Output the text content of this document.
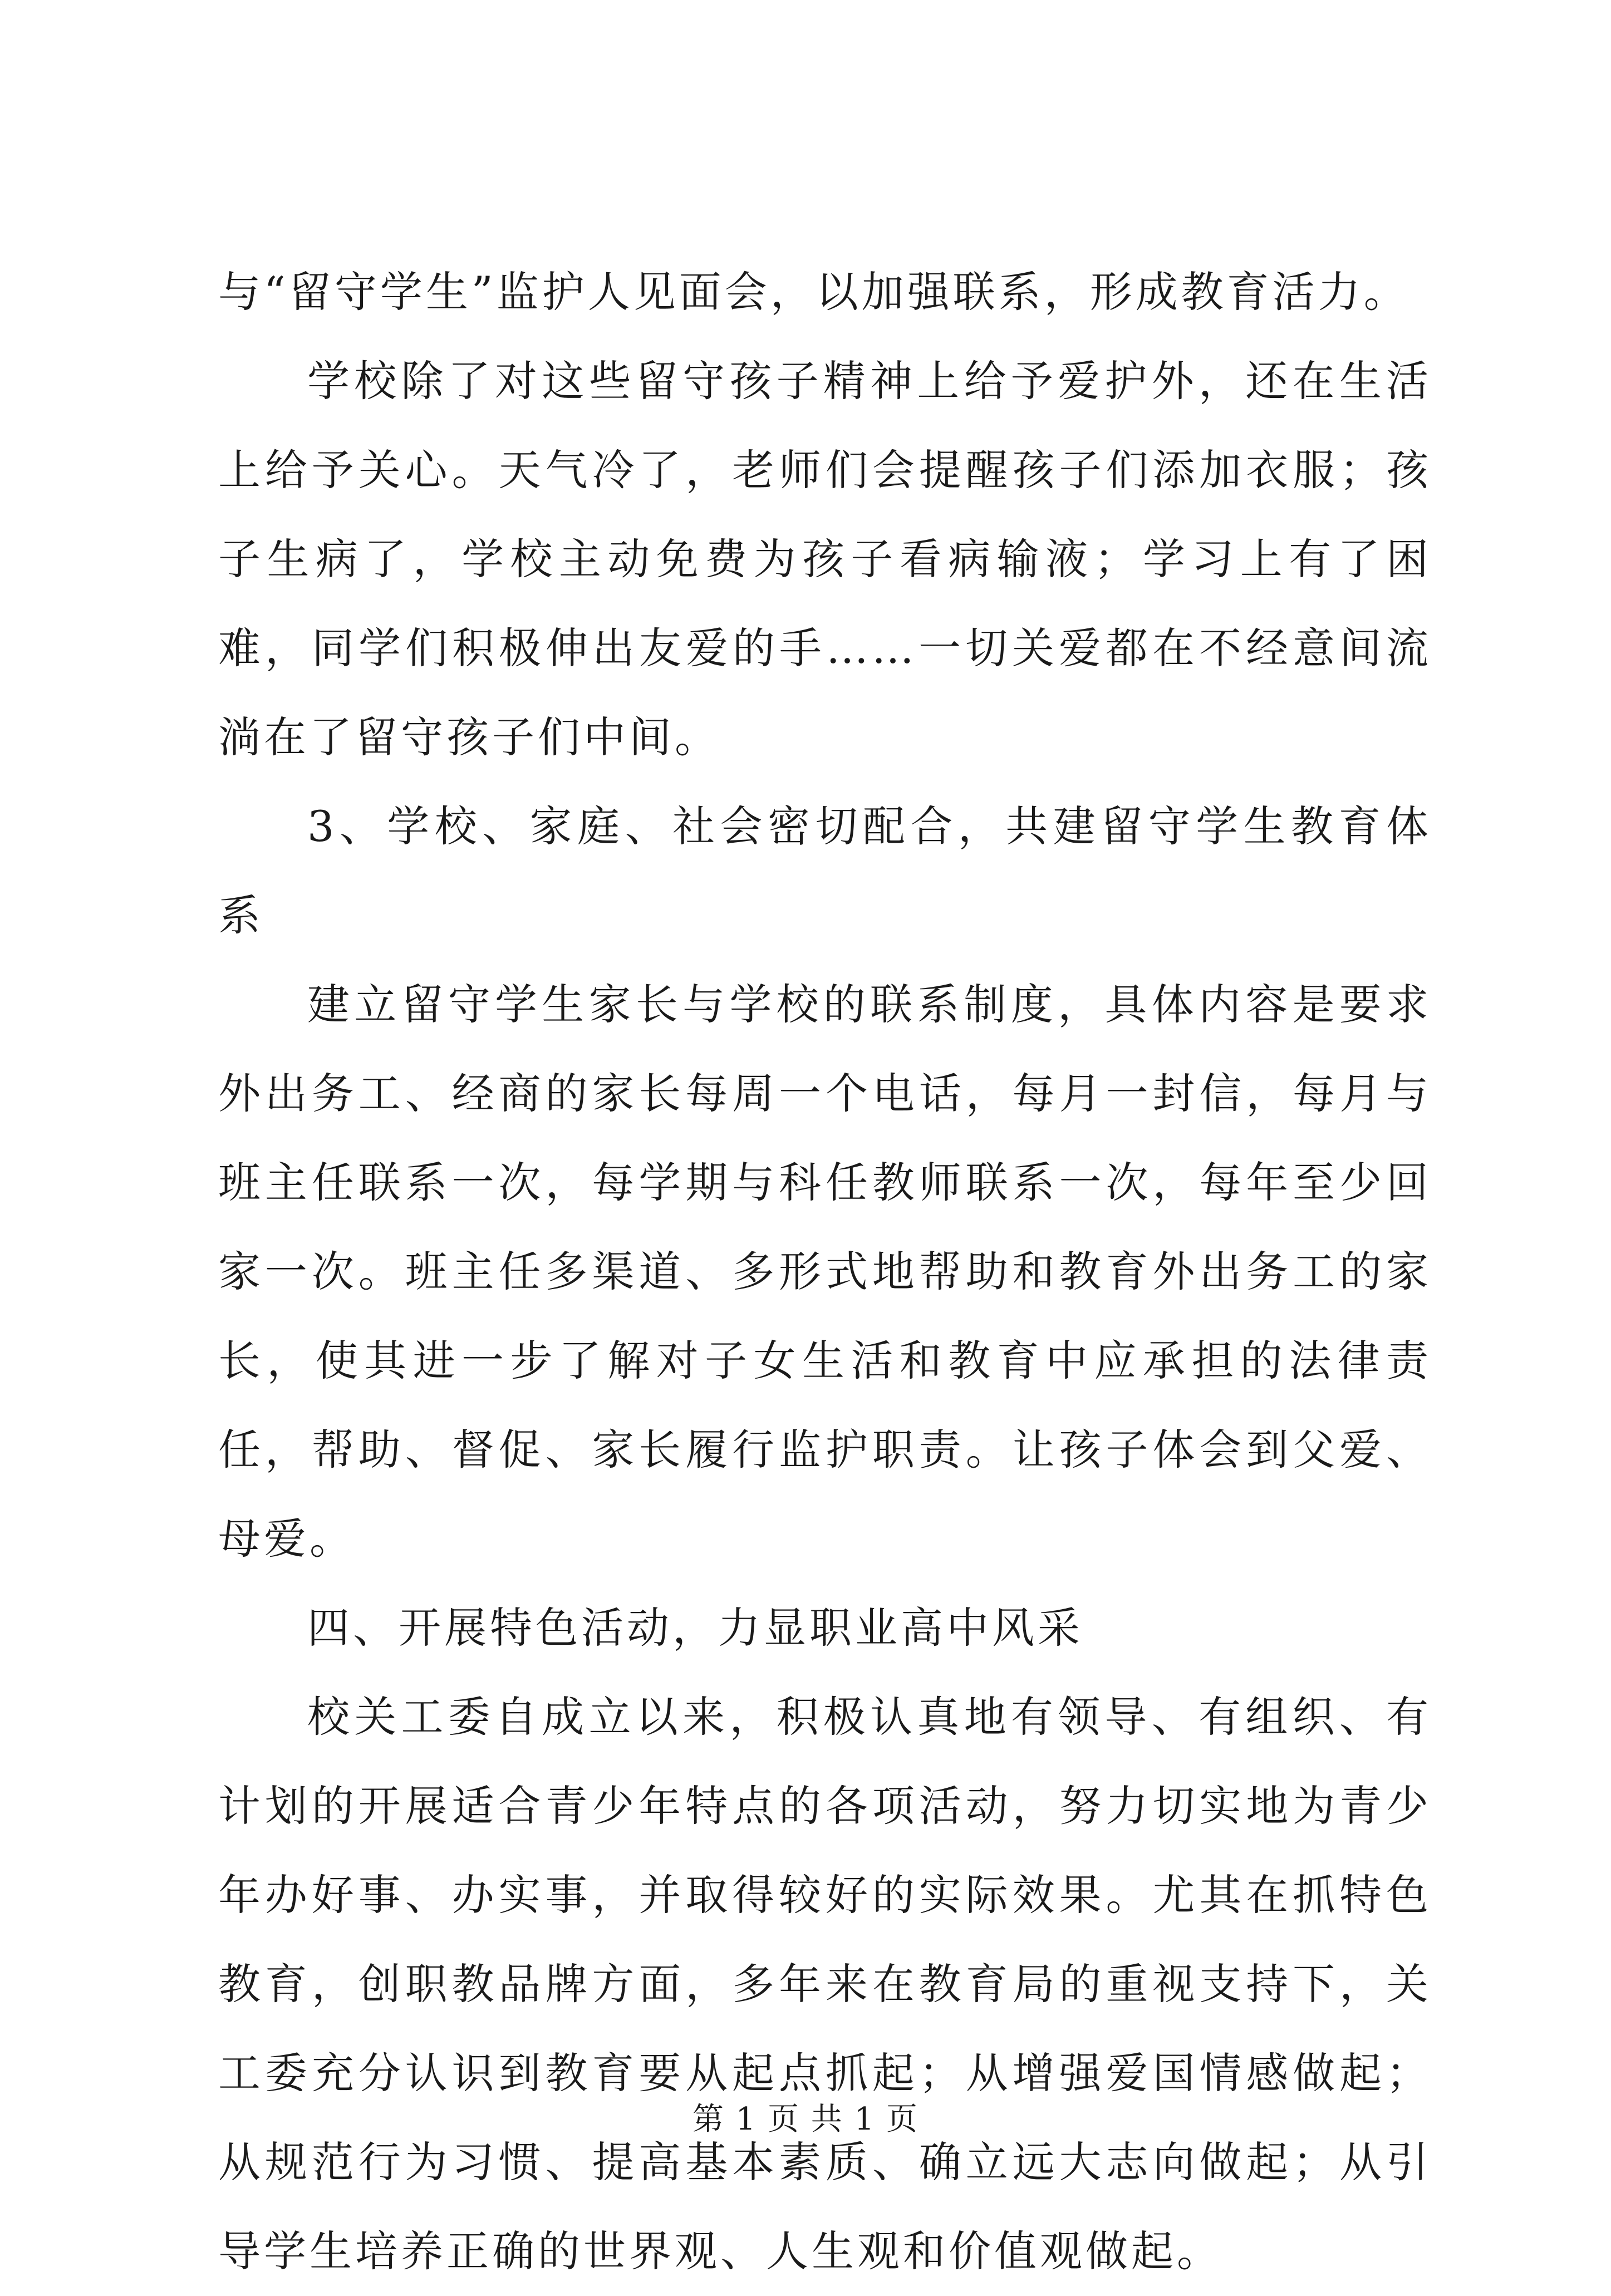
与“留守学生”监护人见面会，以加强联系，形成教育活力。

学校除了对这些留守孩子精神上给予爱护外，还在生活上给予关心。天气冷了，老师们会提醒孩子们添加衣服；孩子生病了，学校主动免费为孩子看病输液；学习上有了困难，同学们积极伸出友爱的手……一切关爱都在不经意间流淌在了留守孩子们中间。

3、学校、家庭、社会密切配合，共建留守学生教育体系

建立留守学生家长与学校的联系制度，具体内容是要求外出务工、经商的家长每周一个电话，每月一封信，每月与班主任联系一次，每学期与科任教师联系一次，每年至少回家一次。班主任多渠道、多形式地帮助和教育外出务工的家长，使其进一步了解对子女生活和教育中应承担的法律责任，帮助、督促、家长履行监护职责。让孩子体会到父爱、母爱。

四、开展特色活动，力显职业高中风采

校关工委自成立以来，积极认真地有领导、有组织、有计划的开展适合青少年特点的各项活动，努力切实地为青少年办好事、办实事，并取得较好的实际效果。尤其在抓特色教育，创职教品牌方面，多年来在教育局的重视支持下，关工委充分认识到教育要从起点抓起；从增强爱国情感做起；从规范行为习惯、提高基本素质、确立远大志向做起；从引导学生培养正确的世界观、人生观和价值观做起。

第 1 页 共 1 页
